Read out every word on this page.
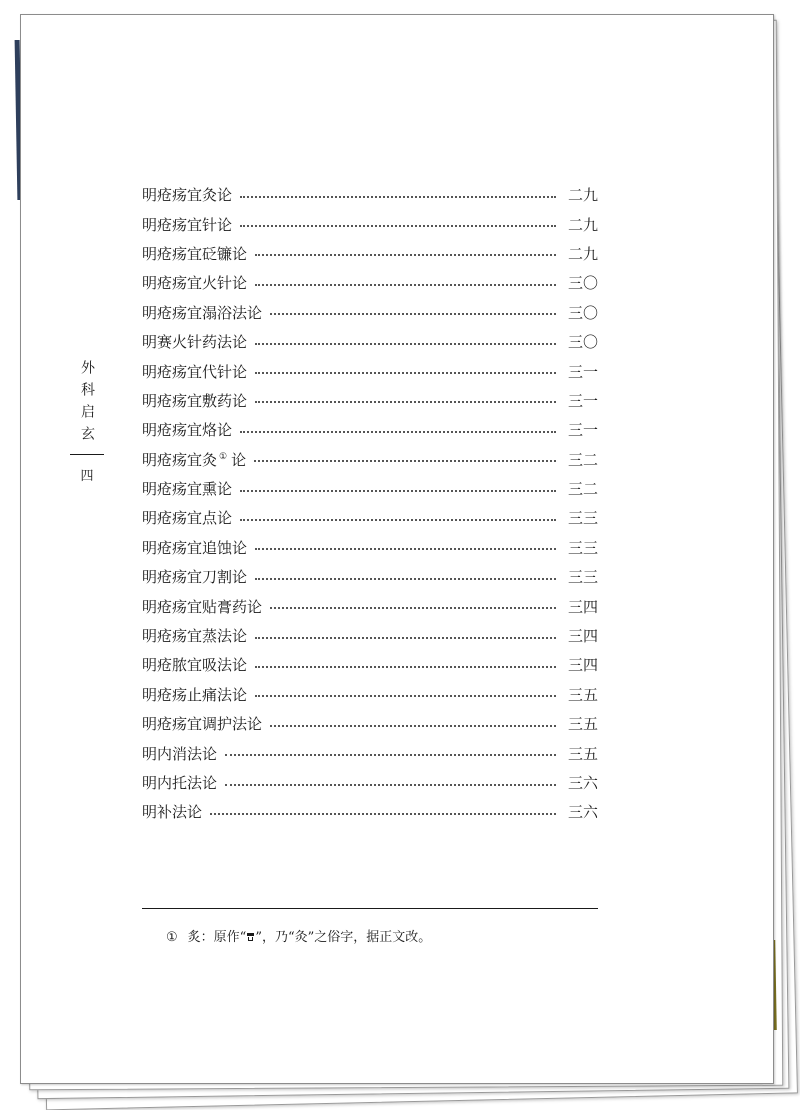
外科启玄
四
明疮疡宜灸论	二九
明疮疡宜针论	二九
明疮疡宜砭镰论	二九
明疮疡宜火针论	三〇
明疮疡宜溻浴法论	三〇
明赛火针药法论	三〇
明疮疡宜代针论	三一
明疮疡宜敷药论	三一
明疮疡宜烙论	三一
明疮疡宜灸 ① 论	三二
明疮疡宜熏论	三二
明疮疡宜点论	三三
明疮疡宜追蚀论	三三
明疮疡宜刀割论	三三
明疮疡宜贴膏药论	三四
明疮疡宜蒸法论	三四
明疮脓宜吸法论	三四
明疮疡止痛法论	三五
明疮疡宜调护法论	三五
明内消法论	三五
明内托法论	三六
明补法论	三六
① 炙：原作“ ”，乃“灸”之俗字，据正文改。
